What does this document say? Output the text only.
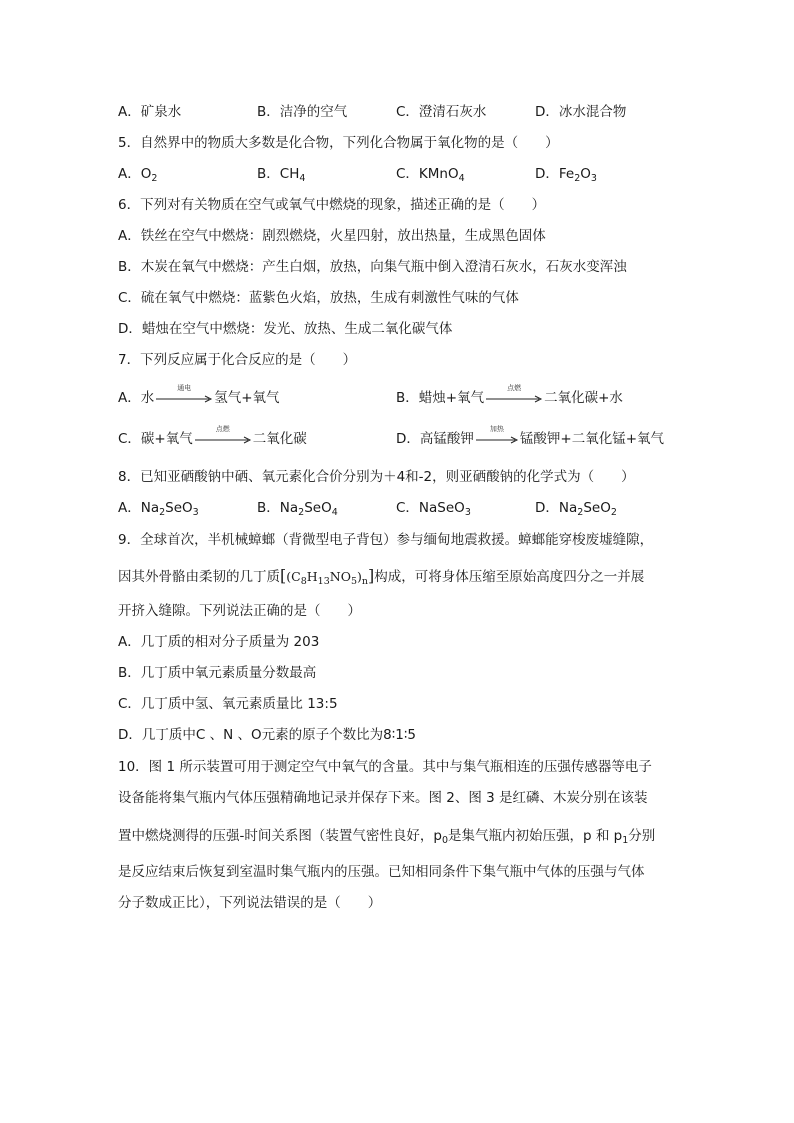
A．矿泉水	B．洁净的空气	C．澄清石灰水	D．冰水混合物
5．自然界中的物质大多数是化合物，下列化合物属于氧化物的是（　　）
A．$O_2$	B．$CH_4$	C．KMnO$_4$	D．$Fe_2O_3$
6．下列对有关物质在空气或氧气中燃烧的现象，描述正确的是（　　）
A．铁丝在空气中燃烧：剧烈燃烧，火星四射，放出热量，生成黑色固体
B．木炭在氧气中燃烧：产生白烟，放热，向集气瓶中倒入澄清石灰水，石灰水变浑浊
C．硫在氧气中燃烧：蓝紫色火焰，放热，生成有刺激性气味的气体
D．蜡烛在空气中燃烧：发光、放热、生成二氧化碳气体
7．下列反应属于化合反应的是（　　）
A．水
通电
氢气+氧气	B．蜡烛+氧气
点燃
二氧化碳+水
C．碳+氧气
点燃
二氧化碳	D．高锰酸钾
加热
锰酸钾+二氧化锰+氧气
8．已知亚硒酸钠中硒、氧元素化合价分别为＋4和-2，则亚硒酸钠的化学式为（　　）
A．$Na_2SeO_3$	B．$Na_2SeO_4$	C．NaSeO$_3$	D．$Na_2SeO_2$
9．全球首次，半机械蟑螂（背微型电子背包）参与缅甸地震救援。蟑螂能穿梭废墟缝隙，
因其外骨骼由柔韧的几丁质$[(C_8H_{13}NO_5)_n]$构成，可将身体压缩至原始高度四分之一并展
开挤入缝隙。下列说法正确的是（　　）
A．几丁质的相对分子质量为 203
B．几丁质中氧元素质量分数最高
C．几丁质中氢、氧元素质量比 13:5
D．几丁质中C 、N 、O元素的原子个数比为8∶1∶5
10．图 1 所示装置可用于测定空气中氧气的含量。其中与集气瓶相连的压强传感器等电子
设备能将集气瓶内气体压强精确地记录并保存下来。图 2、图 3 是红磷、木炭分别在该装
置中燃烧测得的压强-时间关系图（装置气密性良好，$p_0$是集气瓶内初始压强，p 和 $p_1$分别
是反应结束后恢复到室温时集气瓶内的压强。已知相同条件下集气瓶中气体的压强与气体
分子数成正比），下列说法错误的是（　　）
